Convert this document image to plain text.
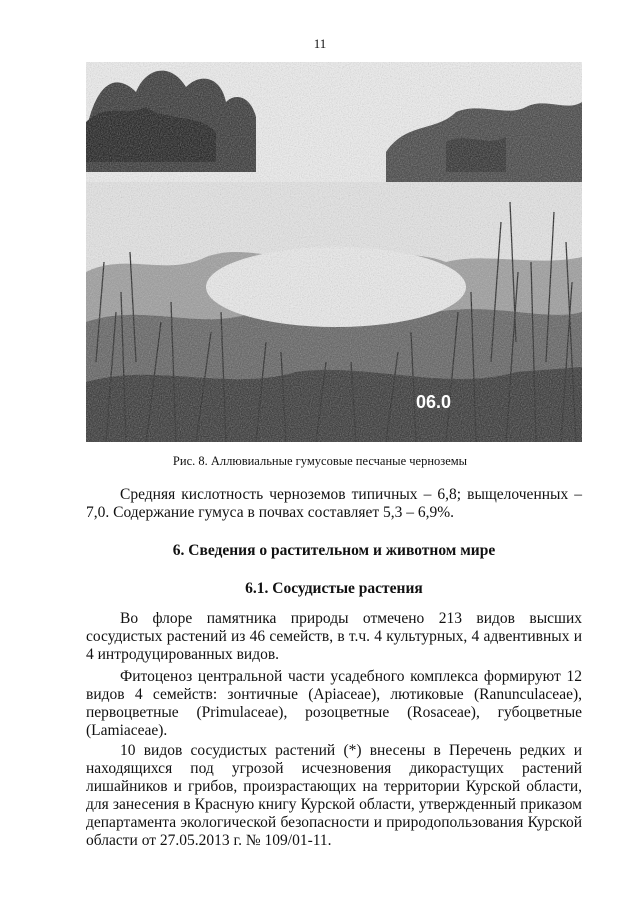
11
06.0
Рис. 8. Аллювиальные гумусовые песчаные черноземы

Средняя кислотность черноземов типичных – 6,8; выщелоченных – 7,0. Содержание гумуса в почвах составляет 5,3 – 6,9%.

6. Сведения о растительном и животном мире

6.1. Сосудистые растения

Во флоре памятника природы отмечено 213 видов высших сосудистых растений из 46 семейств, в т.ч. 4 культурных, 4 адвентивных и 4 интродуцированных видов.

Фитоценоз центральной части усадебного комплекса формируют 12 видов 4 семейств: зонтичные (Apiaceae), лютиковые (Ranunculaceae), первоцветные (Primulaceae), розоцветные (Rosaceae), губоцветные (Lamiaceae).

10 видов сосудистых растений (*) внесены в Перечень редких и находящихся под угрозой исчезновения дикорастущих растений лишайников и грибов, произрастающих на территории Курской области, для занесения в Красную книгу Курской области, утвержденный приказом департамента экологической безопасности и природопользования Курской области от 27.05.2013 г. № 109/01-11.
